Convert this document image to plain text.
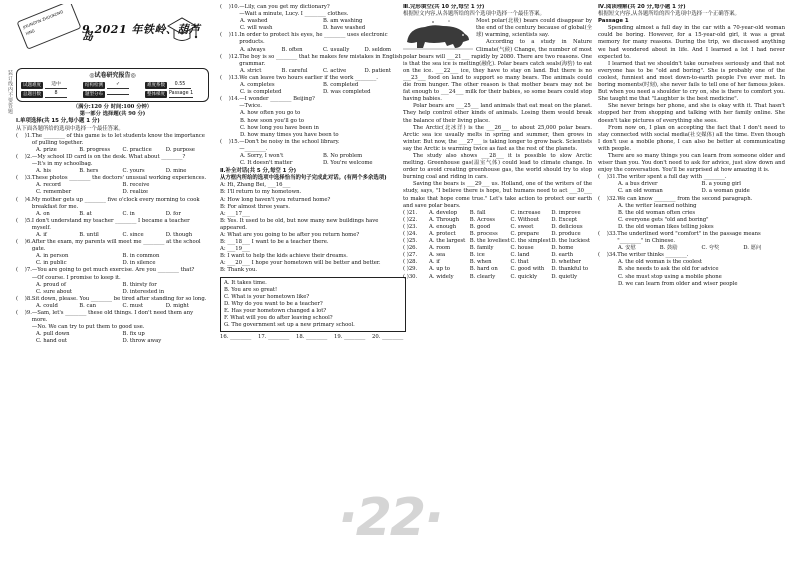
装订线内不要答题
JIXUNGYIN ZHOUKONG XING	9.2021 年铁岭、葫芦岛
◎试卷研究报告◎
试题难度	适中	结构检测	✓	难度系数	0.55
总题目数	8	题型分布	整体梯度 Passage 1
（满分:120 分 时间:100 分钟）
第一部分 选择题(共 90 分)
Ⅰ.单项选择(共 15 分,每小题 1 分)
从下面各题所给的选项中选择一个最佳答案。
(    )1. The ________ of this game is to let students know the importance of pulling together.
A. prize	B. progress	C. practice	D. purpose
(    )2. —My school ID card is on the desk. What about ________?
—It's in my schoolbag.
A. his	B. hers	C. yours	D. mine
(    )3. These photos ________ the doctors' unusual working experiences.
A. record	B. receive
C. remember	D. realize
(    )4. My mother gets up ________ five o'clock every morning to cook breakfast for me.
A. on	B. at	C. in	D. for
(    )5. I don't understand my teacher ________ I became a teacher myself.
A. if	B. until	C. since	D. though
(    )6. After the exam, my parents will meet me ________ at the school gate.
A. in person	B. in common
C. in public	D. in silence
(    )7. —You are going to get much exercise. Are you ________ that?
—Of course. I promise to keep it.
A. proud of	B. thirsty for
C. sure about	D. interested in
(    )8. Sit down, please. You ________ be tired after standing for so long.
A. could	B. can	C. must	D. might
(    )9. —Sam, let's ________ these old things. I don't need them any more.
—No. We can try to put them to good use.
A. pull down	B. fix up
C. hand out	D. throw away
(    )10. —Lily, can you get my dictionary?
—Wait a minute, Lucy. I ________ clothes.
A. washed	B. am washing
C. will wash	D. have washed
(    )11. In order to protect his eyes, he ________ uses electronic products.
A. always	B. often	C. usually	D. seldom
(    )12. The boy is so ________ that he makes few mistakes in English grammar.
A. strict	B. careful	C. active	D. patient
(    )13. We can leave two hours earlier if the work ________.
A. completes	B. completed
C. is completed	D. was completed
(    )14. —I wonder ________ Beijing?
—Twice.
A. how often you go to
B. how soon you'll go to
C. how long you have been in
D. how many times you have been to

(    )15. —Don't be noisy in the school library.
—________.
A. Sorry, I won't	B. No problem
C. It doesn't matter	D. You're welcome
Ⅱ.补全对话(共 5 分,每空 1 分)
从方框内所给的选项中选择恰当的句子完成此对话。(有两个多余选项)
A: Hi, Zhang Bei, ___16___
B: I'll return to my hometown.
A: How long haven't you returned home?
B: For almost three years.
A: ___17___
B: Yes. It used to be old, but now many new buildings have appeared.
A: What are you going to be after you return home?
B: ___18___ I want to be a teacher there.
A: ___19___
B: I want to help the kids achieve their dreams.
A: ___20___ I hope your hometown will be better and better.
B: Thank you.
A. It takes time.
B. You are so great!
C. What is your hometown like?
D. Why do you want to be a teacher?
E. Has your hometown changed a lot?
F. What will you do after leaving school?
G. The government set up a new primary school.
16. ________	17. ________	18. ________	19. ________	20. ________
Ⅲ.完形填空(共 10 分,每空 1 分)
根据短文内容,从各题所给的四个选项中选择一个最佳答案。
Most polar(北极) bears could disappear by the end of the century because of global(全球) warming, scientists say.
According to a study in Nature Climate(气候) Change, the number of most polar bears will ___21___ rapidly by 2080. There are two reasons. One is that the sea ice is melting(融化). Polar bears catch seals(海豹) to eat on the ice. ___22___ ice, they have to stay on land. But there is no ___23___ food on land to support so many bears. The animals could die from hunger. The other reason is that mother bears may not be fat enough to ___24___ milk for their babies, so some bears could stop having babies.
Polar bears are ___25___ land animals that eat meat on the planet. They help control other kinds of animals. Losing them would break the balance of their living place.
The Arctic(北冰洋) is the ___26___ to about 25,000 polar bears. Arctic sea ice usually melts in spring and summer, then grows in winter. But now, the ___27___ is taking longer to grow back. Scientists say the Arctic is warming twice as fast as the rest of the planets.
The study also shows ___28___ it is possible to slow Arctic melting. Greenhouse gas(温室气体) could lead to climate change. In order to avoid creating greenhouse gas, the world should try to stop burning coal and riding in cars.
Saving the bears is ___29___ us. Holland, one of the writers of the study, says, "I believe there is hope, but humans need to act ___30___ to make that hope come true." Let's take action to protect our earth and save polar bears.
( )21.	A. develop	B. fall	C. increase	D. improve
( )22.	A. Through	B. Across	C. Without	D. Except
( )23.	A. enough	B. good	C. sweet	D. delicious
( )24.	A. protect	B. process	C. prepare	D. produce
( )25.	A. the largest B. the loveliest C. the simplest D. the luckiest
( )26.	A. room	B. family	C. house	D. home
( )27.	A. sea	B. ice	C. land	D. earth
( )28.	A. if	B. when	C. that	D. whether
( )29.	A. up to	B. hard on	C. good with	D. thankful to
( )30.	A. widely	B. clearly	C. quickly	D. quietly
Ⅳ.阅读理解(共 20 分,每小题 1 分)
根据短文内容,从各题所给的四个选项中选择一个正确答案。
Passage 1
Spending almost a full day in the car with a 70-year-old woman could be boring. However, for a 15-year-old girl, it was a great memory for many reasons. During the trip, we discussed anything we had wondered about in life. And I learned a lot I had never expected to.
I learned that we shouldn't take ourselves seriously and that not everyone has to be "old and boring". She is probably one of the coolest, funniest and most down-to-earth people I've ever met. In boring moments(时刻), she never fails to tell one of her famous jokes. But when you need a shoulder to cry on, she is there to comfort you. She taught me that "Laughter is the best medicine".
She never brings her phone, and she is okay with it. That hasn't stopped her from shopping and talking with her family online. She doesn't take pictures of everything she sees.
From now on, I plan on accepting the fact that I don't need to stay connected with social media(社交媒体) all the time. Even though I don't use a mobile phone, I can also be better at communicating with people.
There are so many things you can learn from someone older and wiser than you. You don't need to ask for advice, just slow down and enjoy the conversation. You'll be surprised at how amazing it is.
(    )31. The writer spent a full day with ________.
A. a bus driver	B. a young girl
C. an old woman	D. a woman guide
(    )32. We can know ________ from the second paragraph.
A. the writer learned nothing
B. the old woman often cries
C. everyone gets "old and boring"
D. the old woman likes telling jokes

(    )33. The underlined word "comfort" in the passage means "________" in Chinese.
A. 安慰	B. 鼓励	C. 夸奖	D. 愿问
(    )34. The writer thinks ________.
A. the old woman is the coolest
B. she needs to ask the old for advice
C. she must stop using a mobile phone
D. we can learn from older and wiser people

·22·
